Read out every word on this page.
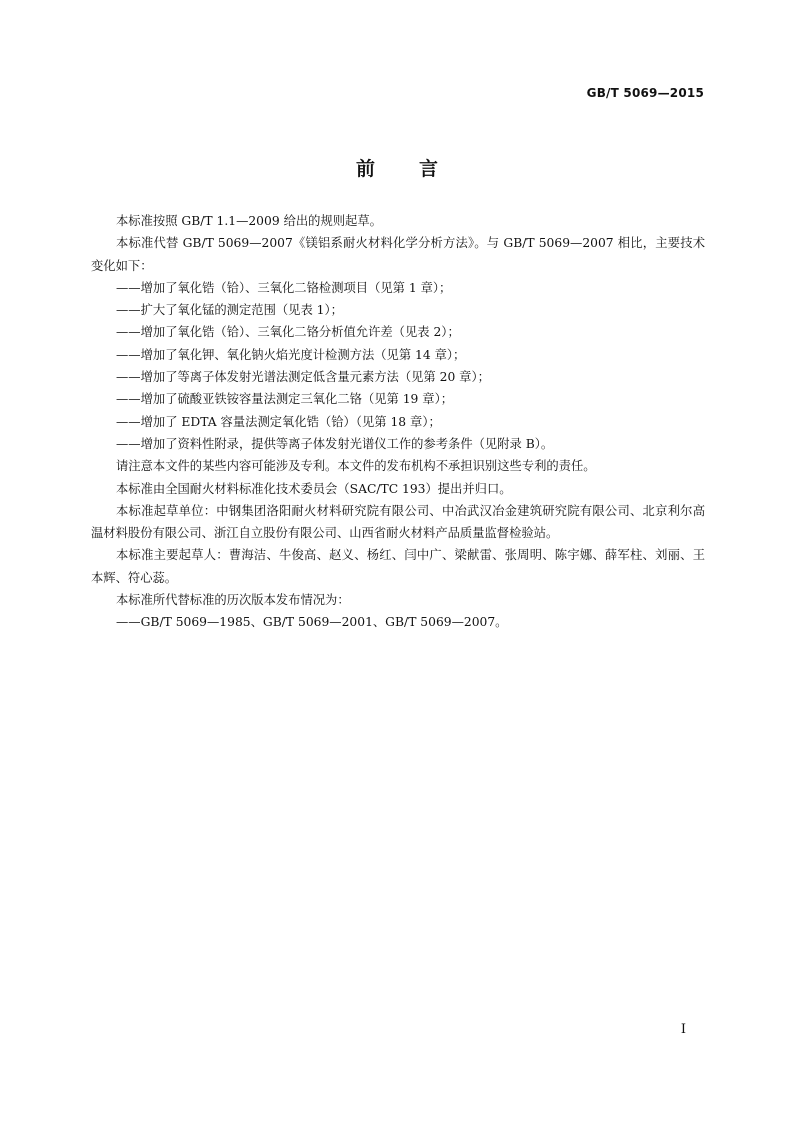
GB/T 5069—2015
前言

本标准按照 GB/T 1.1—2009 给出的规则起草。

本标准代替 GB/T 5069—2007《镁铝系耐火材料化学分析方法》。与 GB/T 5069—2007 相比，主要技术变化如下：

——增加了氧化锆（铪）、三氧化二铬检测项目（见第 1 章）；

——扩大了氧化锰的测定范围（见表 1）；

——增加了氧化锆（铪）、三氧化二铬分析值允许差（见表 2）；

——增加了氧化钾、氧化钠火焰光度计检测方法（见第 14 章）；

——增加了等离子体发射光谱法测定低含量元素方法（见第 20 章）；

——增加了硫酸亚铁铵容量法测定三氧化二铬（见第 19 章）；

——增加了 EDTA 容量法测定氧化锆（铪）（见第 18 章）；

——增加了资料性附录，提供等离子体发射光谱仪工作的参考条件（见附录 B）。

请注意本文件的某些内容可能涉及专利。本文件的发布机构不承担识别这些专利的责任。

本标准由全国耐火材料标准化技术委员会（SAC/TC 193）提出并归口。

本标准起草单位：中钢集团洛阳耐火材料研究院有限公司、中冶武汉冶金建筑研究院有限公司、北京利尔高温材料股份有限公司、浙江自立股份有限公司、山西省耐火材料产品质量监督检验站。

本标准主要起草人：曹海洁、牛俊高、赵义、杨红、闫中广、梁献雷、张周明、陈宇娜、薛军柱、刘丽、王本辉、符心蕊。

本标准所代替标准的历次版本发布情况为：

——GB/T 5069—1985、GB/T 5069—2001、GB/T 5069—2007。

I
